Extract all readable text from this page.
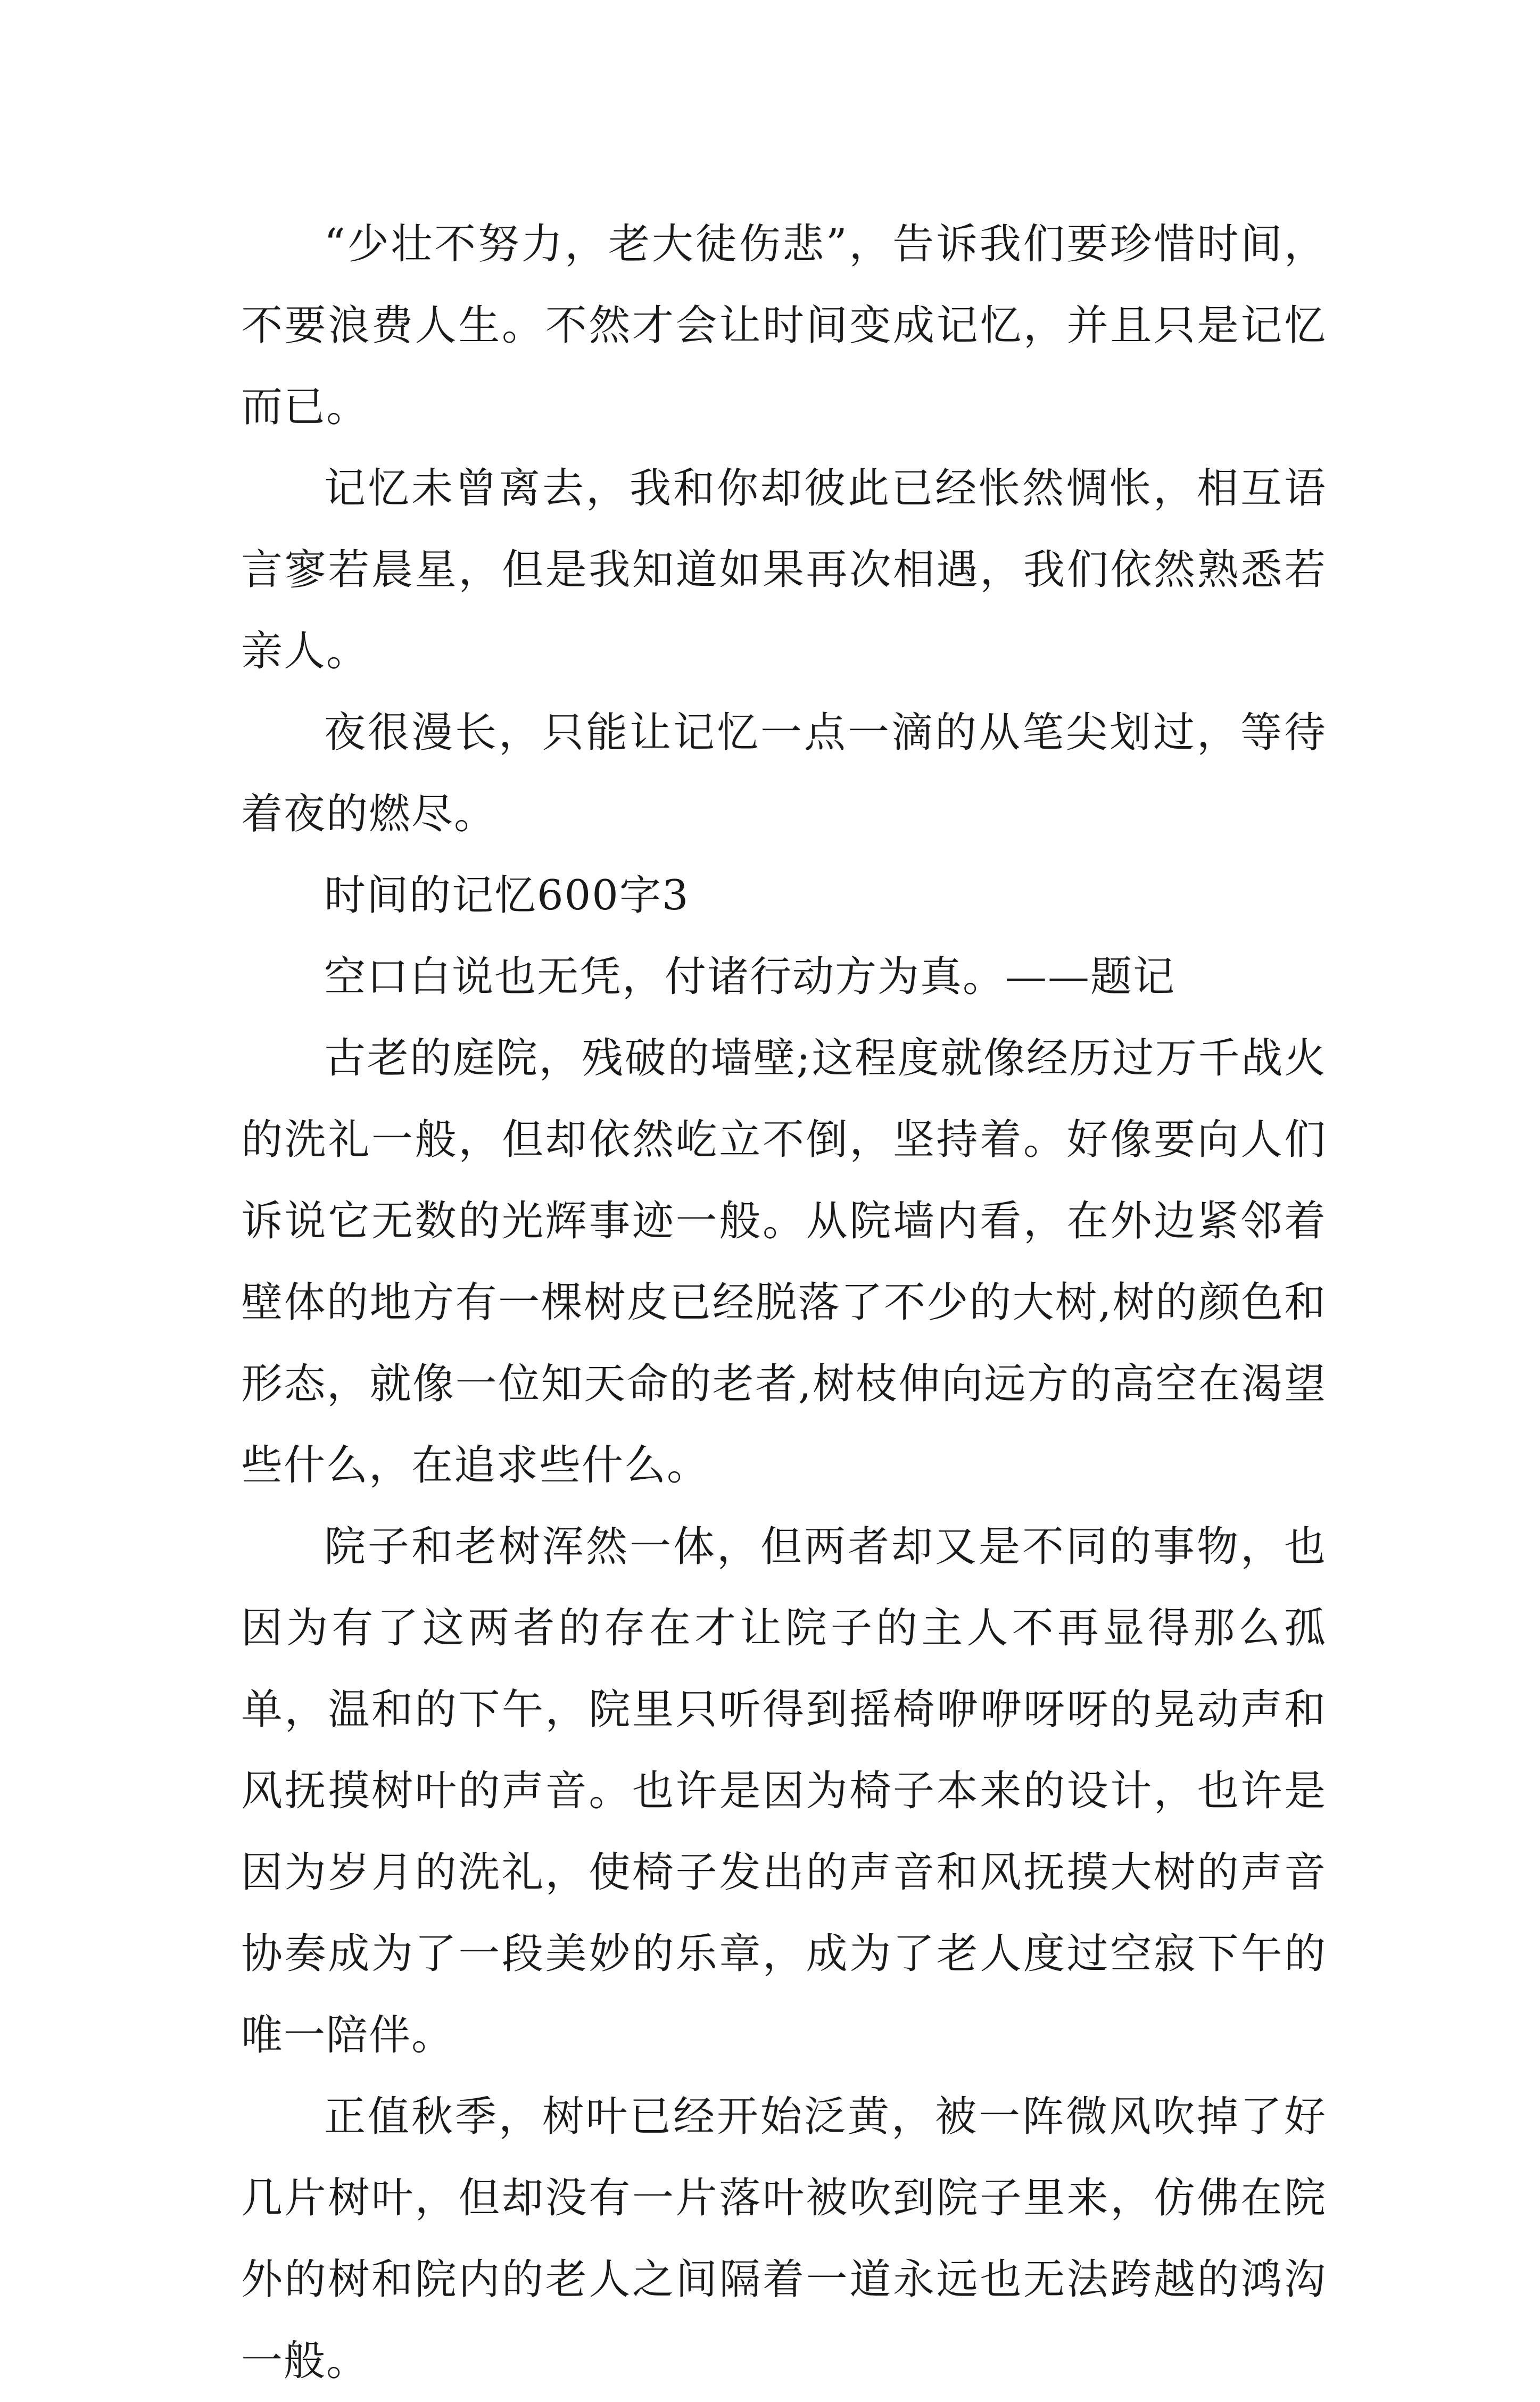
“少壮不努力，老大徒伤悲”，告诉我们要珍惜时间，不要浪费人生。不然才会让时间变成记忆，并且只是记忆而已。

记忆未曾离去，我和你却彼此已经怅然惆怅，相互语言寥若晨星，但是我知道如果再次相遇，我们依然熟悉若亲人。

夜很漫长，只能让记忆一点一滴的从笔尖划过，等待着夜的燃尽。

时间的记忆600字3

空口白说也无凭，付诸行动方为真。——题记

古老的庭院，残破的墙壁;这程度就像经历过万千战火的洗礼一般，但却依然屹立不倒，坚持着。好像要向人们诉说它无数的光辉事迹一般。从院墙内看，在外边紧邻着壁体的地方有一棵树皮已经脱落了不少的大树,树的颜色和形态，就像一位知天命的老者,树枝伸向远方的高空在渴望些什么，在追求些什么。

院子和老树浑然一体，但两者却又是不同的事物，也因为有了这两者的存在才让院子的主人不再显得那么孤单，温和的下午，院里只听得到摇椅咿咿呀呀的晃动声和风抚摸树叶的声音。也许是因为椅子本来的设计，也许是因为岁月的洗礼，使椅子发出的声音和风抚摸大树的声音协奏成为了一段美妙的乐章，成为了老人度过空寂下午的唯一陪伴。

正值秋季，树叶已经开始泛黄，被一阵微风吹掉了好几片树叶，但却没有一片落叶被吹到院子里来，仿佛在院外的树和院内的老人之间隔着一道永远也无法跨越的鸿沟一般。
